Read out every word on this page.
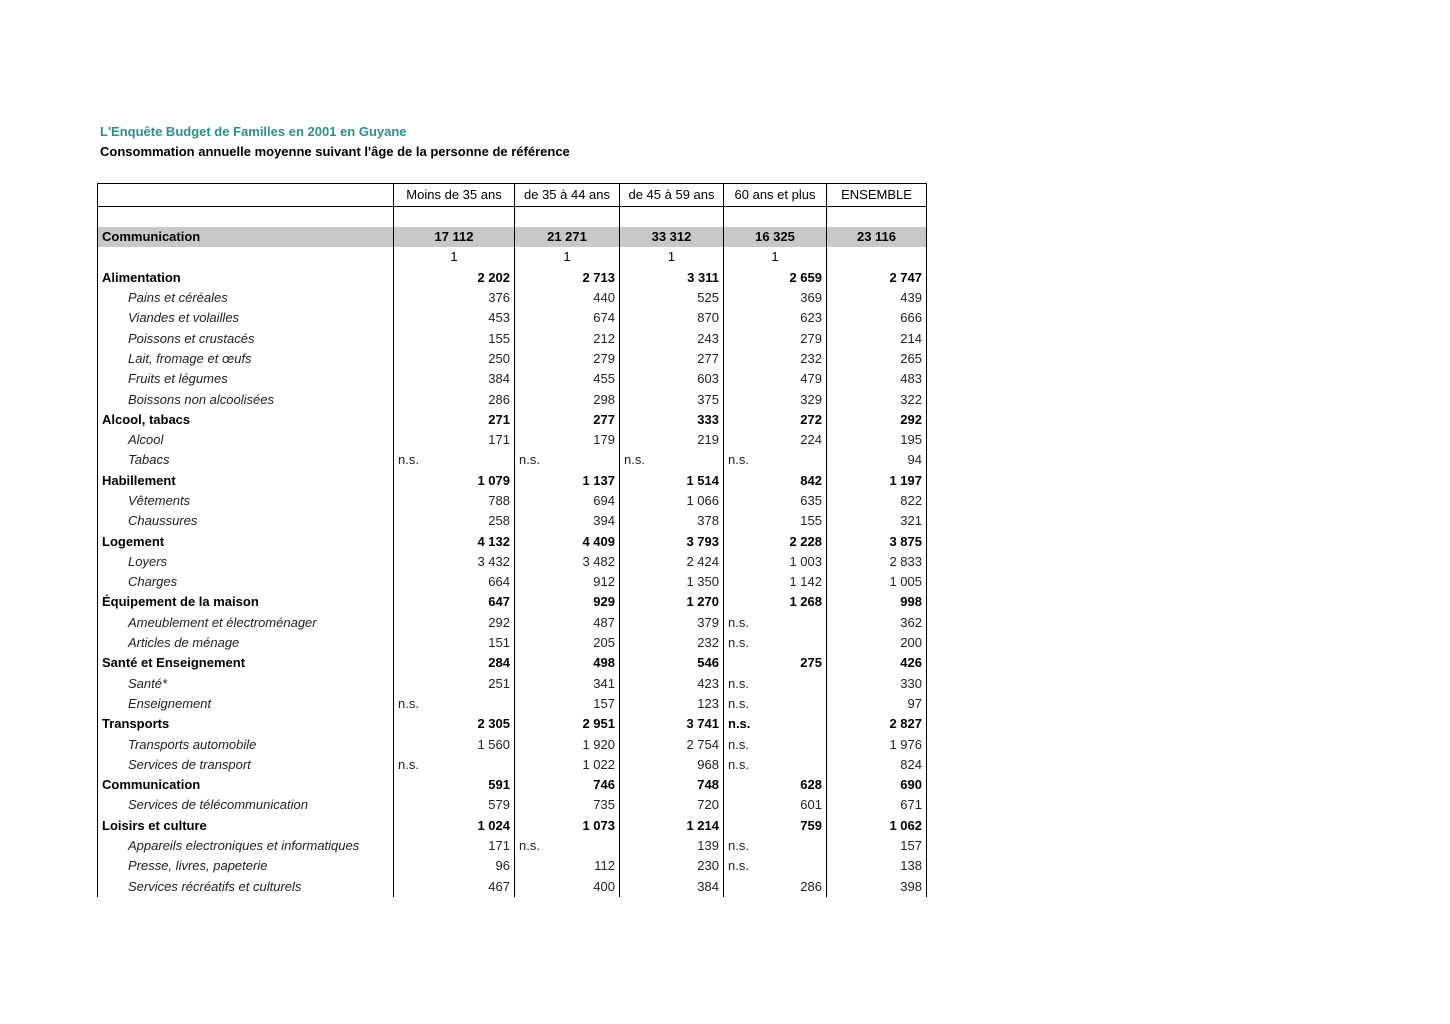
L'Enquête Budget de Familles en 2001 en Guyane
Consommation annuelle moyenne suivant l'âge de la personne de référence
	Moins de 35 ans	de 35 à 44 ans	de 45 à 59 ans	60 ans et plus	ENSEMBLE

Communication	17 112	21 271	33 312	16 325	23 116
	1	1	1	1	
Alimentation	2 202	2 713	3 311	2 659	2 747
Pains et céréales	376	440	525	369	439
Viandes et volailles	453	674	870	623	666
Poissons et crustacés	155	212	243	279	214
Lait, fromage et œufs	250	279	277	232	265
Fruits et légumes	384	455	603	479	483
Boissons non alcoolisées	286	298	375	329	322
Alcool, tabacs	271	277	333	272	292
Alcool	171	179	219	224	195
Tabacs	n.s.	n.s.	n.s.	n.s.	94
Habillement	1 079	1 137	1 514	842	1 197
Vêtements	788	694	1 066	635	822
Chaussures	258	394	378	155	321
Logement	4 132	4 409	3 793	2 228	3 875
Loyers	3 432	3 482	2 424	1 003	2 833
Charges	664	912	1 350	1 142	1 005
Équipement de la maison	647	929	1 270	1 268	998
Ameublement et électroménager	292	487	379	n.s.	362
Articles de ménage	151	205	232	n.s.	200
Santé et Enseignement	284	498	546	275	426
Santé*	251	341	423	n.s.	330
Enseignement	n.s.	157	123	n.s.	97
Transports	2 305	2 951	3 741	n.s.	2 827
Transports automobile	1 560	1 920	2 754	n.s.	1 976
Services de transport	n.s.	1 022	968	n.s.	824
Communication	591	746	748	628	690
Services de télécommunication	579	735	720	601	671
Loisirs et culture	1 024	1 073	1 214	759	1 062
Appareils electroniques et informatiques	171	n.s.	139	n.s.	157
Presse, livres, papeterie	96	112	230	n.s.	138
Services récréatifs et culturels	467	400	384	286	398
